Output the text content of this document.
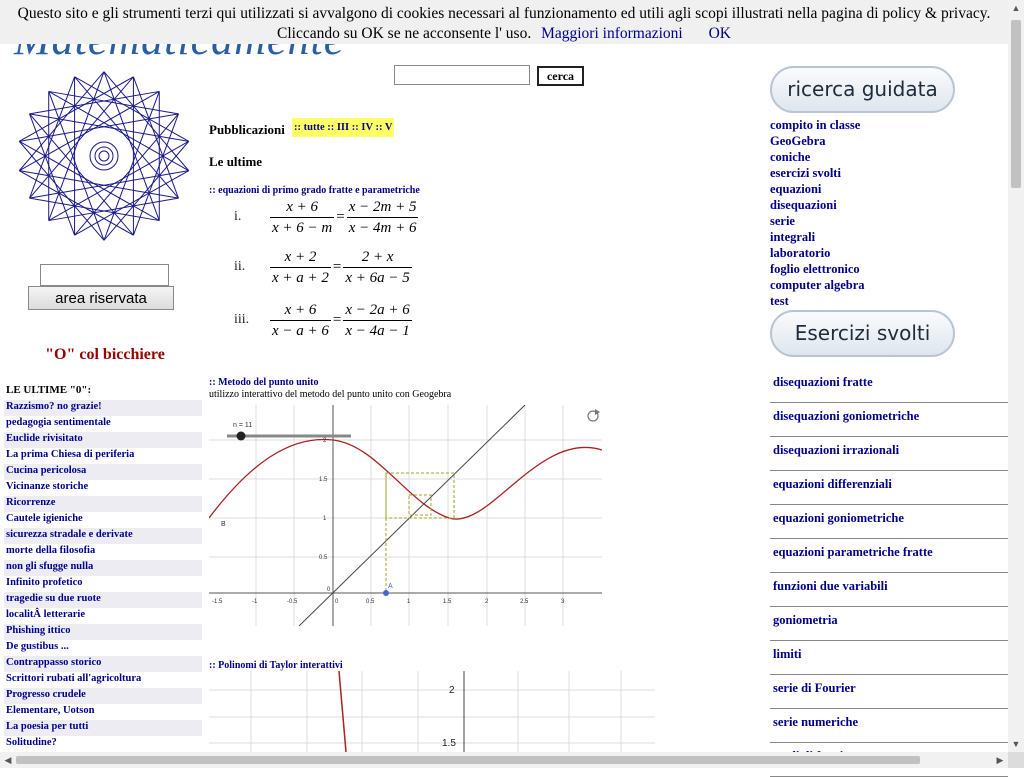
Questo sito e gli strumenti terzi qui utilizzati si avvalgono di cookies necessari al funzionamento ed utili agli scopi illustrati nella pagina di policy & privacy.
Cliccando su OK se ne acconsente l' uso. Maggiori informazioni OK
cerca
area riservata
"O" col bicchiere
LE ULTIME "0":
Razzismo? no grazie!
pedagogia sentimentale
Euclide rivisitato
La prima Chiesa di periferia
Cucina pericolosa
Vicinanze storiche
Ricorrenze
Cautele igieniche
sicurezza stradale e derivate
morte della filosofia
non gli sfugge nulla
Infinito profetico
tragedie su due ruote
localitÂ letterarie
Phishing ittico
De gustibus ...
Contrappasso storico
Scrittori rubati all'agricoltura
Progresso crudele
Elementare, Uotson
La poesia per tutti
Solitudine?
Pubblicazioni :: tutte :: III :: IV :: V
Le ultime
:: equazioni di primo grado fratte e parametriche
i.	$\frac{x + 6}{x + 6 - m} = \frac{x - 2m + 5}{x - 4m + 6}$
ii.	$\frac{x + 2}{x + a + 2} = \frac{2 + x}{x + 6a - 5}$
iii.	$\frac{x + 6}{x - a + 6} = \frac{x - 2a + 6}{x - 4a - 1}$
:: Metodo del punto unito
utilizzo interattivo del metodo del punto unito con Geogebra
n = 11
A
B
-1.5	-1	-0.5	0	0.5	1	1.5	2	2.5	3
0.5
1
1.5
2
0
:: Polinomi di Taylor interattivi
2
1.5
ricerca guidata
compito in classe
GeoGebra
coniche
esercizi svolti
equazioni
disequazioni
serie
integrali
laboratorio
foglio elettronico
computer algebra
test
Esercizi svolti
disequazioni fratte
disequazioni goniometriche
disequazioni irrazionali
equazioni differenziali
equazioni goniometriche
equazioni parametriche fratte
funzioni due variabili
goniometria
limiti
serie di Fourier
serie numeriche
▲
▼
◀	▶
